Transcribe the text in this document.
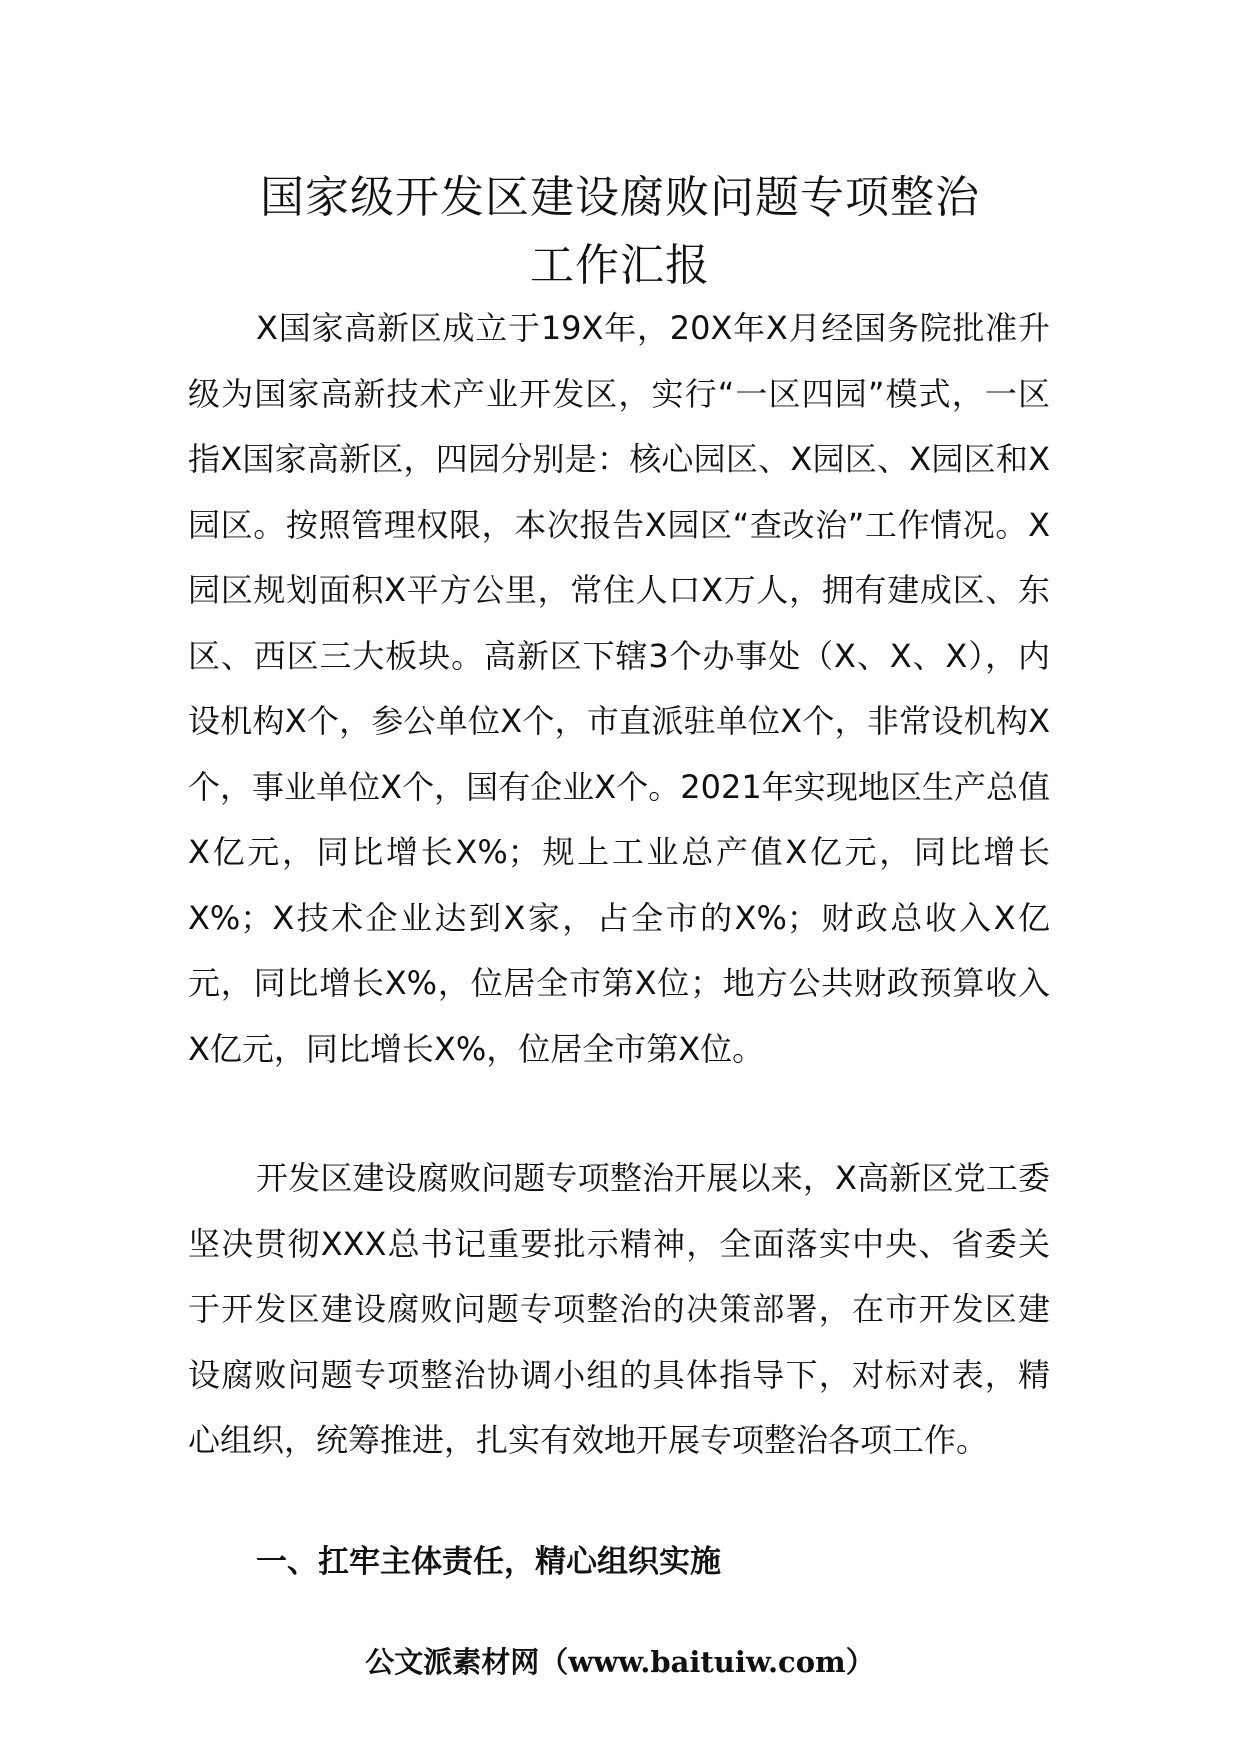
国家级开发区建设腐败问题专项整治
工作汇报

X国家高新区成立于19X年，20X年X月经国务院批准升级为国家高新技术产业开发区，实行“一区四园”模式，一区指X国家高新区，四园分别是：核心园区、X园区、X园区和X园区。按照管理权限，本次报告X园区“查改治”工作情况。X园区规划面积X平方公里，常住人口X万人，拥有建成区、东区、西区三大板块。高新区下辖3个办事处（X、X、X），内设机构X个，参公单位X个，市直派驻单位X个，非常设机构X个，事业单位X个，国有企业X个。2021年实现地区生产总值X亿元，同比增长X%；规上工业总产值X亿元，同比增长X%；X技术企业达到X家，占全市的X%；财政总收入X亿元，同比增长X%，位居全市第X位；地方公共财政预算收入X亿元，同比增长X%，位居全市第X位。

开发区建设腐败问题专项整治开展以来，X高新区党工委坚决贯彻XXX总书记重要批示精神，全面落实中央、省委关于开发区建设腐败问题专项整治的决策部署，在市开发区建设腐败问题专项整治协调小组的具体指导下，对标对表，精心组织，统筹推进，扎实有效地开展专项整治各项工作。

一、扛牢主体责任，精心组织实施
公文派素材网（www.baituiw.com）
